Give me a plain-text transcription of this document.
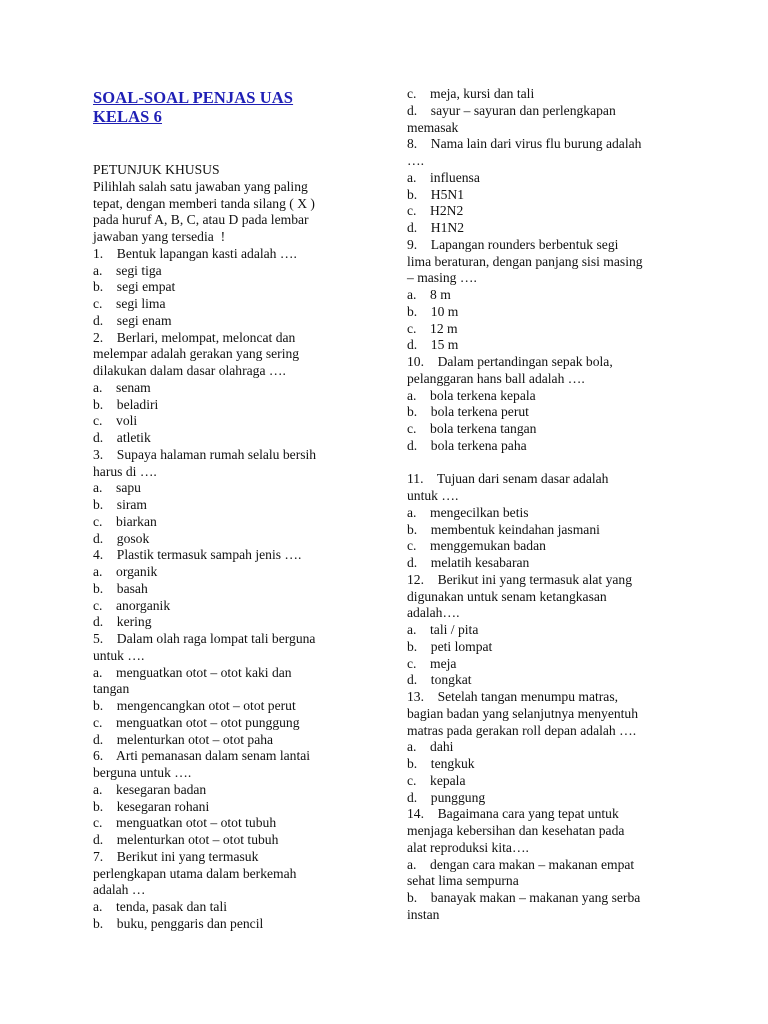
SOAL-SOAL PENJAS UAS
KELAS 6
PETUNJUK KHUSUS
Pilihlah salah satu jawaban yang paling
tepat, dengan memberi tanda silang ( X )
pada huruf A, B, C, atau D pada lembar
jawaban yang tersedia  !
1.    Bentuk lapangan kasti adalah ….
a.    segi tiga
b.    segi empat
c.    segi lima
d.    segi enam
2.    Berlari, melompat, meloncat dan
melempar adalah gerakan yang sering
dilakukan dalam dasar olahraga ….
a.    senam
b.    beladiri
c.    voli
d.    atletik
3.    Supaya halaman rumah selalu bersih
harus di ….
a.    sapu
b.    siram
c.    biarkan
d.    gosok
4.    Plastik termasuk sampah jenis ….
a.    organik
b.    basah
c.    anorganik
d.    kering
5.    Dalam olah raga lompat tali berguna
untuk ….
a.    menguatkan otot – otot kaki dan
tangan
b.    mengencangkan otot – otot perut
c.    menguatkan otot – otot punggung
d.    melenturkan otot – otot paha
6.    Arti pemanasan dalam senam lantai
berguna untuk ….
a.    kesegaran badan
b.    kesegaran rohani
c.    menguatkan otot – otot tubuh
d.    melenturkan otot – otot tubuh
7.    Berikut ini yang termasuk
perlengkapan utama dalam berkemah
adalah …
a.    tenda, pasak dan tali
b.    buku, penggaris dan pencil
c.    meja, kursi dan tali
d.    sayur – sayuran dan perlengkapan
memasak
8.    Nama lain dari virus flu burung adalah
….
a.    influensa
b.    H5N1
c.    H2N2
d.    H1N2
9.    Lapangan rounders berbentuk segi
lima beraturan, dengan panjang sisi masing
– masing ….
a.    8 m
b.    10 m
c.    12 m
d.    15 m
10.    Dalam pertandingan sepak bola,
pelanggaran hans ball adalah ….
a.    bola terkena kepala
b.    bola terkena perut
c.    bola terkena tangan
d.    bola terkena paha
11.    Tujuan dari senam dasar adalah
untuk ….
a.    mengecilkan betis
b.    membentuk keindahan jasmani
c.    menggemukan badan
d.    melatih kesabaran
12.    Berikut ini yang termasuk alat yang
digunakan untuk senam ketangkasan
adalah….
a.    tali / pita
b.    peti lompat
c.    meja
d.    tongkat
13.    Setelah tangan menumpu matras,
bagian badan yang selanjutnya menyentuh
matras pada gerakan roll depan adalah ….
a.    dahi
b.    tengkuk
c.    kepala
d.    punggung
14.    Bagaimana cara yang tepat untuk
menjaga kebersihan dan kesehatan pada
alat reproduksi kita….
a.    dengan cara makan – makanan empat
sehat lima sempurna
b.    banayak makan – makanan yang serba
instan
